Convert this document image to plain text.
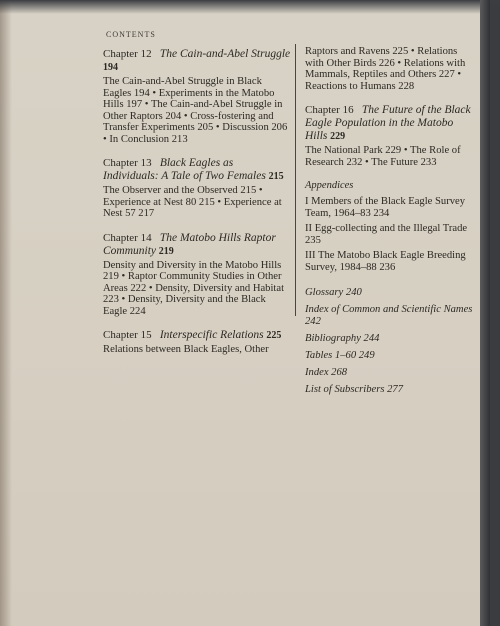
CONTENTS
Chapter 12 The Cain-and-Abel Struggle 194
The Cain-and-Abel Struggle in Black Eagles 194 • Experiments in the Matobo Hills 197 • The Cain-and-Abel Struggle in Other Raptors 204 • Cross-fostering and Transfer Experiments 205 • Discussion 206 • In Conclusion 213
Chapter 13 Black Eagles as Individuals: A Tale of Two Females 215
The Observer and the Observed 215 • Experience at Nest 80 215 • Experience at Nest 57 217
Chapter 14 The Matobo Hills Raptor Community 219
Density and Diversity in the Matobo Hills 219 • Raptor Community Studies in Other Areas 222 • Density, Diversity and Habitat 223 • Density, Diversity and the Black Eagle 224
Chapter 15 Interspecific Relations 225
Relations between Black Eagles, Other
Raptors and Ravens 225 • Relations with Other Birds 226 • Relations with Mammals, Reptiles and Others 227 • Reactions to Humans 228
Chapter 16 The Future of the Black Eagle Population in the Matobo Hills 229
The National Park 229 • The Role of Research 232 • The Future 233
Appendices
I Members of the Black Eagle Survey Team, 1964–83 234
II Egg-collecting and the Illegal Trade 235
III The Matobo Black Eagle Breeding Survey, 1984–88 236
Glossary 240
Index of Common and Scientific Names 242
Bibliography 244
Tables 1–60 249
Index 268
List of Subscribers 277
